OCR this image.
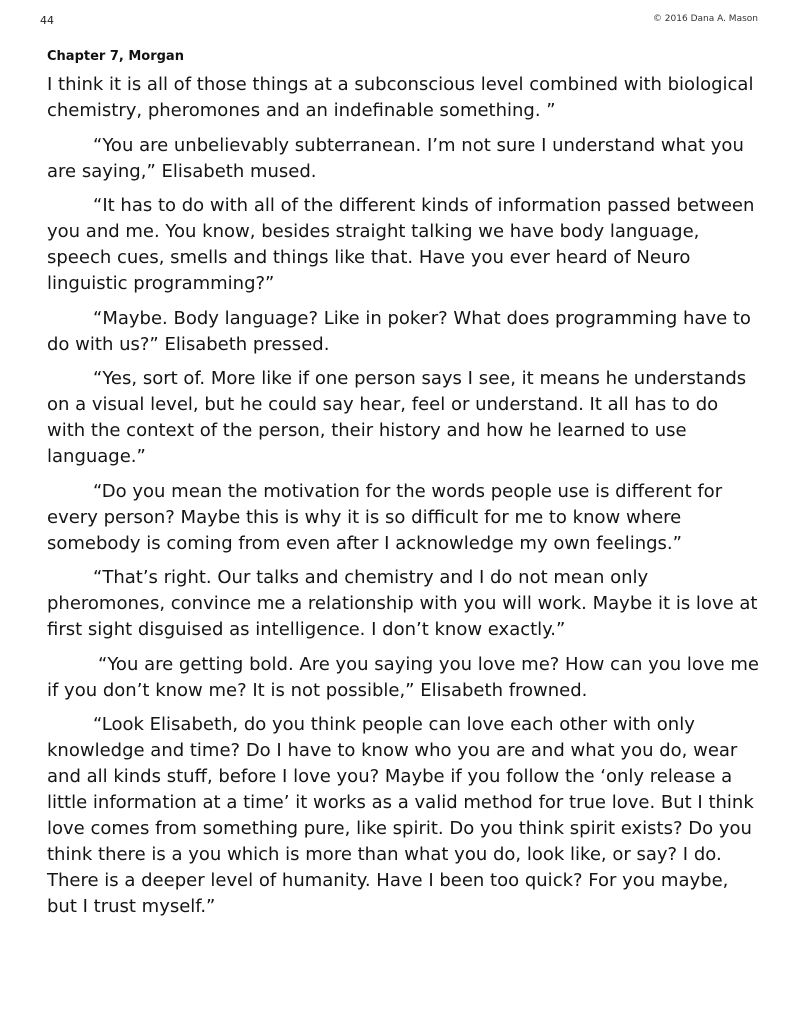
44	© 2016 Dana A. Mason
Chapter 7, Morgan

I think it is all of those things at a subconscious level combined with biological chemistry, pheromones and an indefinable something. ”

“You are unbelievably subterranean. I’m not sure I understand what you are saying,” Elisabeth mused.

“It has to do with all of the different kinds of information passed between you and me. You know, besides straight talking we have body language, speech cues, smells and things like that. Have you ever heard of Neuro linguistic programming?”

“Maybe. Body language? Like in poker? What does programming have to do with us?” Elisabeth pressed.

“Yes, sort of. More like if one person says I see, it means he understands on a visual level, but he could say hear, feel or understand. It all has to do with the context of the person, their history and how he learned to use language.”

“Do you mean the motivation for the words people use is different for every person? Maybe this is why it is so difficult for me to know where somebody is coming from even after I acknowledge my own feelings.”

“That’s right. Our talks and chemistry and I do not mean only pheromones, convince me a relationship with you will work. Maybe it is love at first sight disguised as intelligence. I don’t know exactly.”

“You are getting bold. Are you saying you love me? How can you love me if you don’t know me? It is not possible,” Elisabeth frowned.

“Look Elisabeth, do you think people can love each other with only knowledge and time? Do I have to know who you are and what you do, wear and all kinds stuff, before I love you? Maybe if you follow the ‘only release a little information at a time’ it works as a valid method for true love. But I think love comes from something pure, like spirit. Do you think spirit exists? Do you think there is a you which is more than what you do, look like, or say? I do. There is a deeper level of humanity. Have I been too quick? For you maybe, but I trust myself.”
